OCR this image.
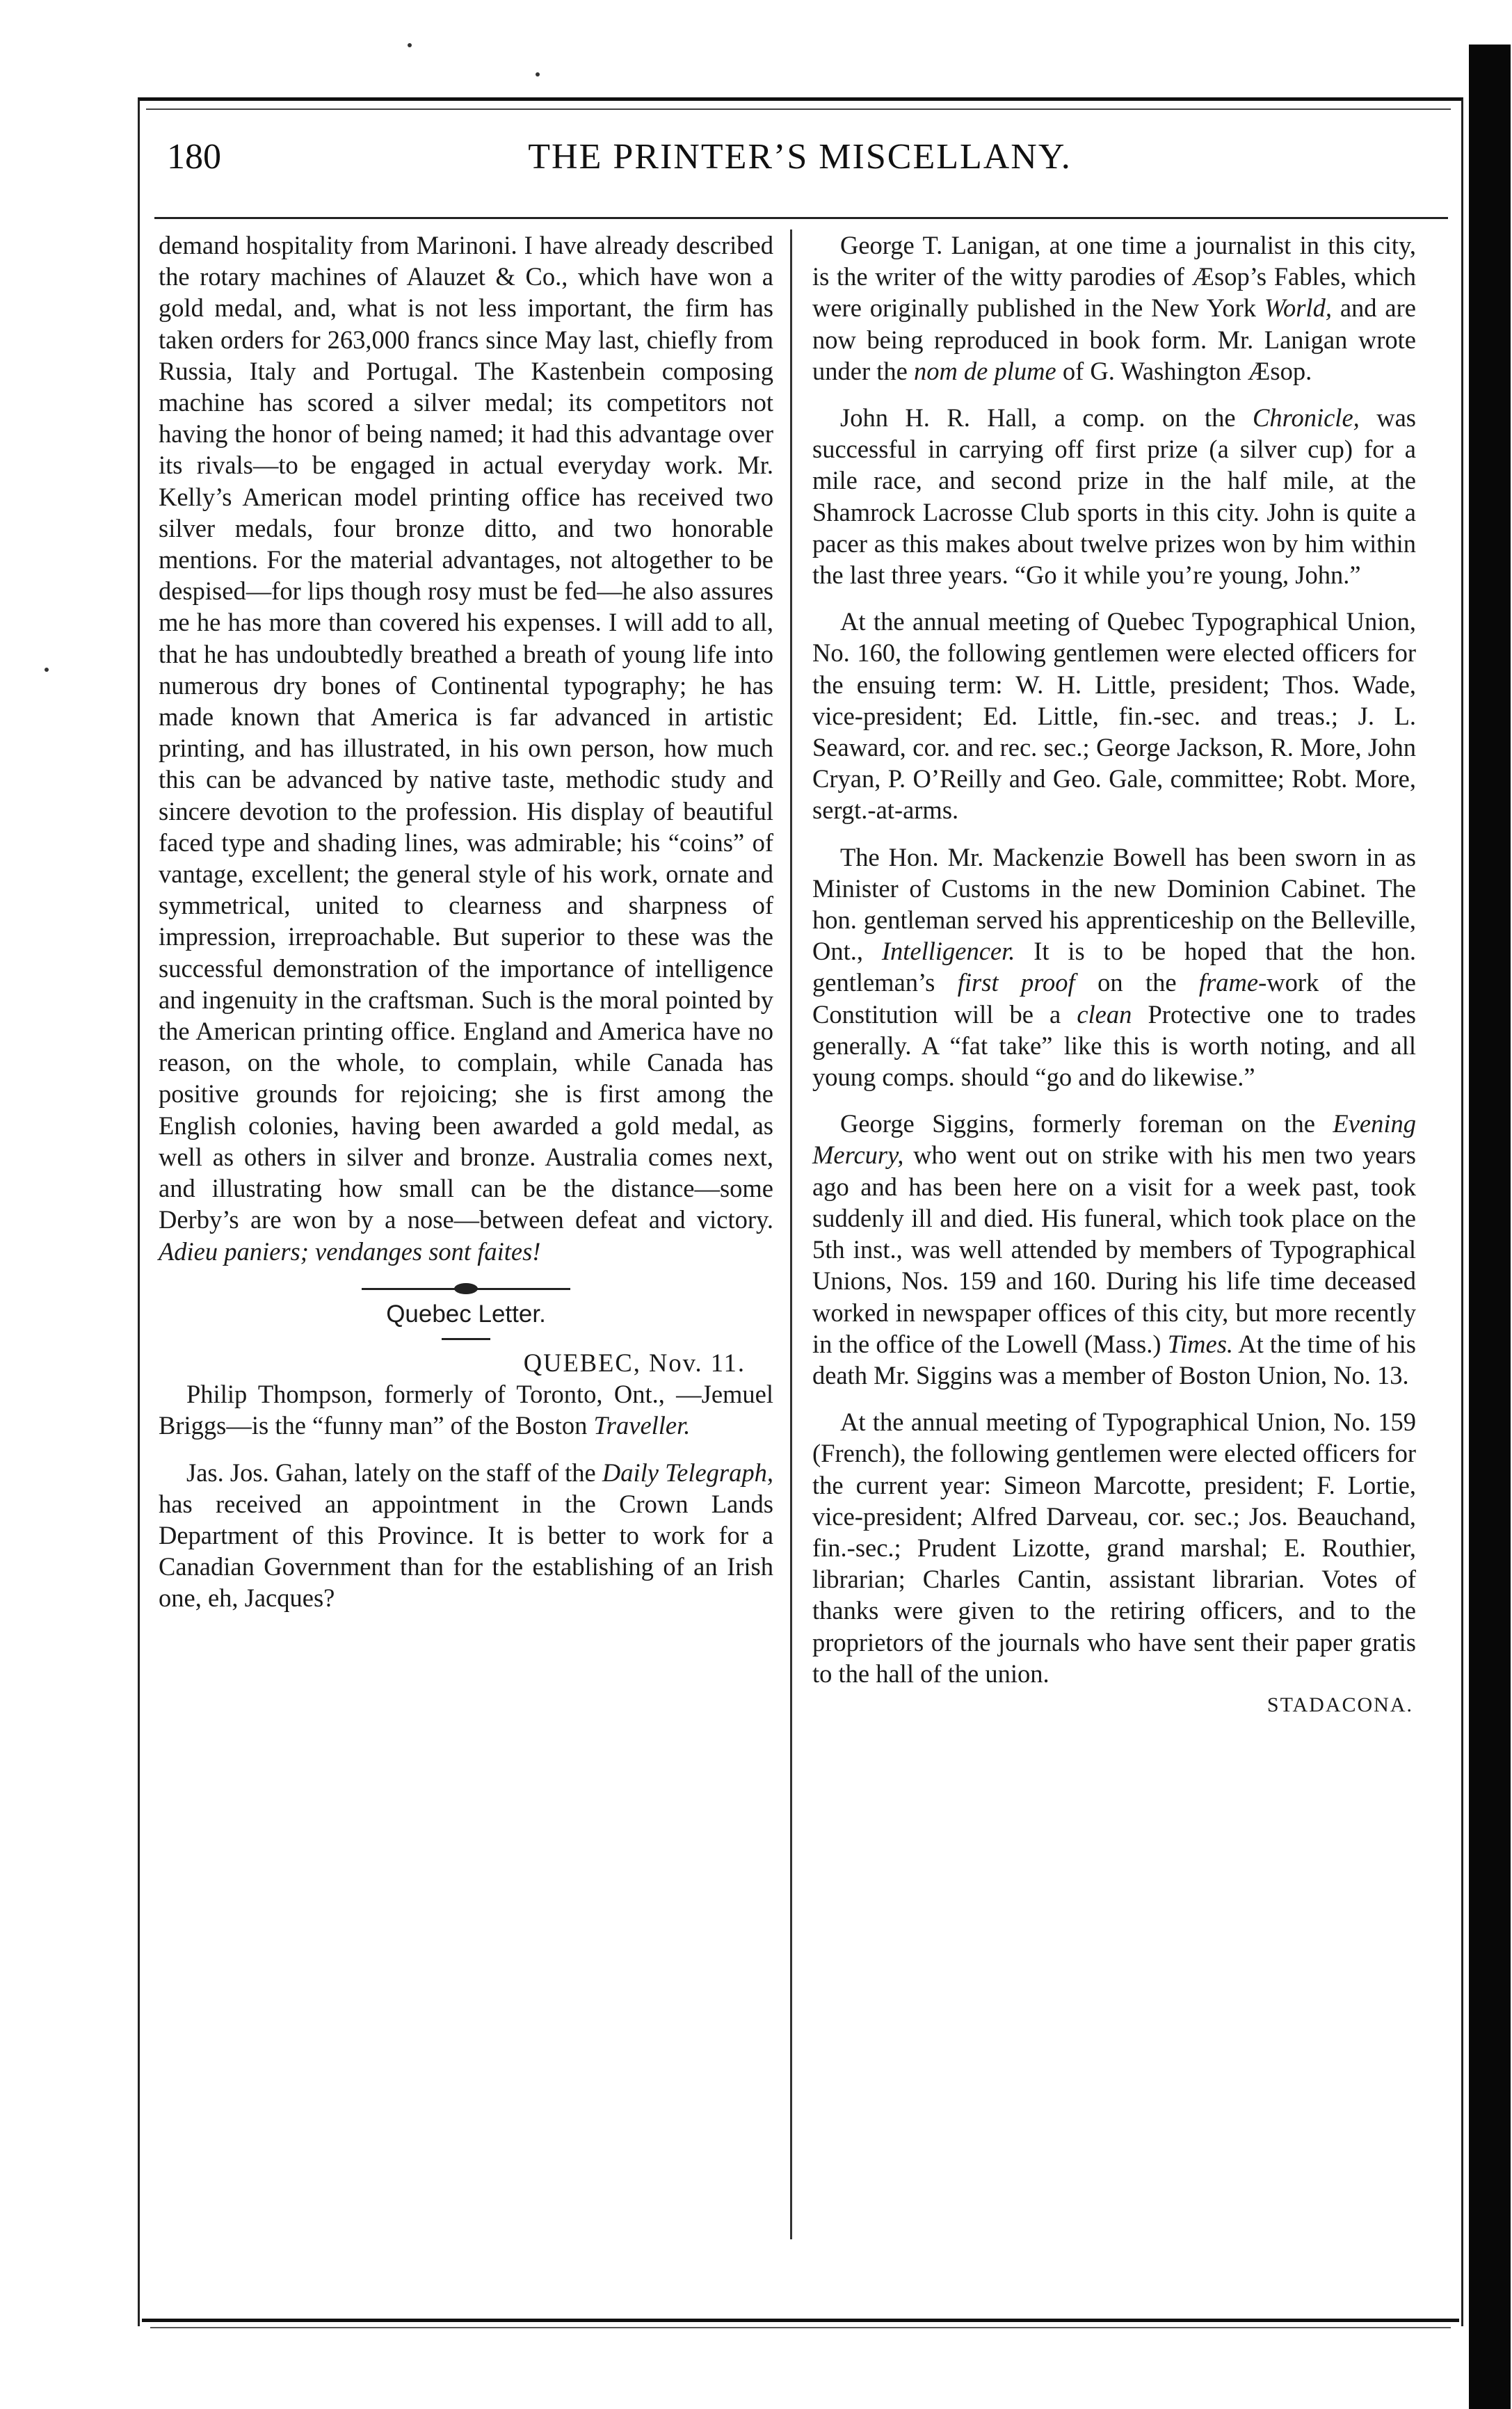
180	THE PRINTER’S MISCELLANY.

demand hospitality from Marinoni. I have already described the rotary machines of Alauzet & Co., which have won a gold medal, and, what is not less important, the firm has taken orders for 263,000 francs since May last, chiefly from Russia, Italy and Portugal. The Kastenbein composing machine has scored a silver medal; its competitors not having the honor of being named; it had this advantage over its rivals—to be engaged in actual everyday work. Mr. Kelly’s American model printing office has received two silver medals, four bronze ditto, and two honorable mentions. For the material advantages, not altogether to be despised—for lips though rosy must be fed—he also assures me he has more than covered his expenses. I will add to all, that he has undoubtedly breathed a breath of young life into numerous dry bones of Continental typography; he has made known that America is far advanced in artistic printing, and has illustrated, in his own person, how much this can be advanced by native taste, methodic study and sincere devotion to the profession. His display of beautiful faced type and shading lines, was admirable; his “coins” of vantage, excellent; the general style of his work, ornate and symmetrical, united to clearness and sharpness of impression, irreproachable. But superior to these was the successful demonstration of the importance of intelligence and ingenuity in the craftsman. Such is the moral pointed by the American printing office. England and America have no reason, on the whole, to complain, while Canada has positive grounds for rejoicing; she is first among the English colonies, having been awarded a gold medal, as well as others in silver and bronze. Australia comes next, and illustrating how small can be the distance—some Derby’s are won by a nose—between defeat and victory. Adieu paniers; vendanges sont faites!

Quebec Letter.

QUEBEC, Nov. 11.

Philip Thompson, formerly of Toronto, Ont., —Jemuel Briggs—is the “funny man” of the Boston Traveller.

Jas. Jos. Gahan, lately on the staff of the Daily Telegraph, has received an appointment in the Crown Lands Department of this Province. It is better to work for a Canadian Government than for the establishing of an Irish one, eh, Jacques?

George T. Lanigan, at one time a journalist in this city, is the writer of the witty parodies of Æsop’s Fables, which were originally published in the New York World, and are now being reproduced in book form. Mr. Lanigan wrote under the nom de plume of G. Washington Æsop.

John H. R. Hall, a comp. on the Chronicle, was successful in carrying off first prize (a silver cup) for a mile race, and second prize in the half mile, at the Shamrock Lacrosse Club sports in this city. John is quite a pacer as this makes about twelve prizes won by him within the last three years. “Go it while you’re young, John.”

At the annual meeting of Quebec Typographical Union, No. 160, the following gentlemen were elected officers for the ensuing term: W. H. Little, president; Thos. Wade, vice-president; Ed. Little, fin.-sec. and treas.; J. L. Seaward, cor. and rec. sec.; George Jackson, R. More, John Cryan, P. O’Reilly and Geo. Gale, committee; Robt. More, sergt.-at-arms.

The Hon. Mr. Mackenzie Bowell has been sworn in as Minister of Customs in the new Dominion Cabinet. The hon. gentleman served his apprenticeship on the Belleville, Ont., Intelligencer. It is to be hoped that the hon. gentleman’s first proof on the frame-work of the Constitution will be a clean Protective one to trades generally. A “fat take” like this is worth noting, and all young comps. should “go and do likewise.”

George Siggins, formerly foreman on the Evening Mercury, who went out on strike with his men two years ago and has been here on a visit for a week past, took suddenly ill and died. His funeral, which took place on the 5th inst., was well attended by members of Typographical Unions, Nos. 159 and 160. During his life time deceased worked in newspaper offices of this city, but more recently in the office of the Lowell (Mass.) Times. At the time of his death Mr. Siggins was a member of Boston Union, No. 13.

At the annual meeting of Typographical Union, No. 159 (French), the following gentlemen were elected officers for the current year: Simeon Marcotte, president; F. Lortie, vice-president; Alfred Darveau, cor. sec.; Jos. Beauchand, fin.-sec.; Prudent Lizotte, grand marshal; E. Routhier, librarian; Charles Cantin, assistant librarian. Votes of thanks were given to the retiring officers, and to the proprietors of the journals who have sent their paper gratis to the hall of the union.

STADACONA.
